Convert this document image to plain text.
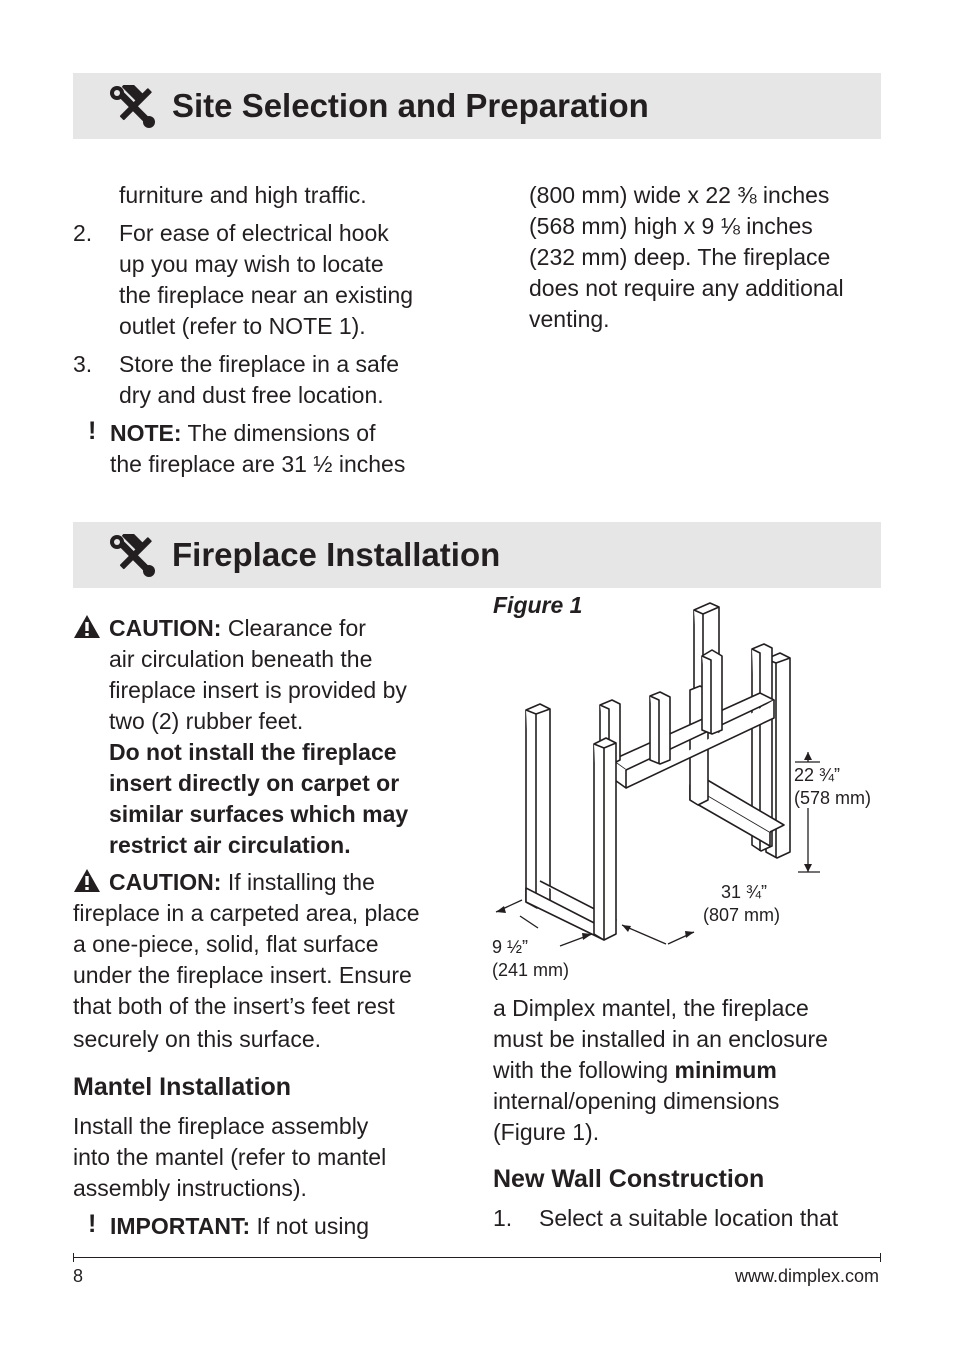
Site Selection and Preparation
furniture and high traffic.
2. For ease of electrical hook
up you may wish to locate
the fireplace near an existing
outlet (refer to NOTE 1).
3. Store the fireplace in a safe
dry and dust free location.
! NOTE: The dimensions of
the fireplace are 31 ½ inches
(800 mm) wide x 22 ⅜ inches
(568 mm) high x 9 ⅛ inches
(232 mm) deep. The fireplace
does not require any additional
venting.
Fireplace Installation
CAUTION: Clearance for
air circulation beneath the
fireplace insert is provided by
two (2) rubber feet.
Do not install the fireplace
insert directly on carpet or
similar surfaces which may
restrict air circulation.
CAUTION: If installing the
fireplace in a carpeted area, place
a one-piece, solid, flat surface
under the fireplace insert. Ensure
that both of the insert’s feet rest
securely on this surface.
Mantel Installation
Install the fireplace assembly
into the mantel (refer to mantel
assembly instructions).
! IMPORTANT: If not using
Figure 1
22 ¾”
(578 mm)
31 ¾”
(807 mm)
9 ½”
(241 mm)
a Dimplex mantel, the fireplace
must be installed in an enclosure
with the following minimum
internal/opening dimensions
(Figure 1).
New Wall Construction
1. Select a suitable location that
8	www.dimplex.com
